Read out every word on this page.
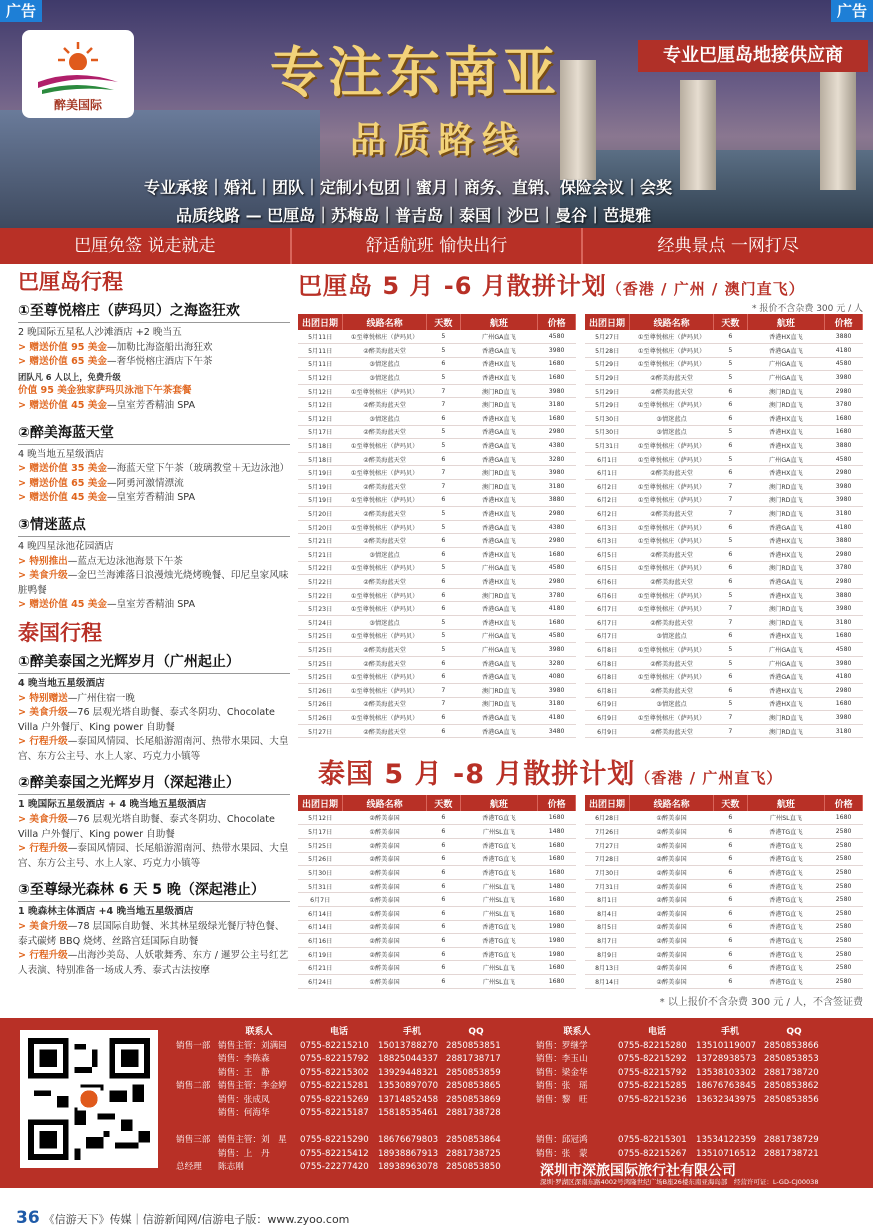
广告	广告
醉美国际
专注东南亚
品质路线
专业巴厘岛地接供应商
专业承接｜婚礼｜团队｜定制小包团｜蜜月｜商务、直销、保险会议｜会奖
品质线路 — 巴厘岛｜苏梅岛｜普吉岛｜泰国｜沙巴｜曼谷｜芭提雅
巴厘免签 说走就走	舒适航班 愉快出行	经典景点 一网打尽
巴厘岛行程
①至尊悦榕庄（萨玛贝）之海盗狂欢
2 晚国际五星私人沙滩酒店 +2 晚当五
> 赠送价值 95 美金—加勒比海盗船出海狂欢
> 赠送价值 65 美金—奢华悦榕庄酒店下午茶
团队凡 6 人以上，免费升级
价值 95 美金独家萨玛贝泳池下午茶套餐
> 赠送价值 45 美金—皇室芳香精油 SPA
②醉美海蓝天堂
4 晚当地五星级酒店
> 赠送价值 35 美金—海蓝天堂下午茶（玻璃教堂＋无边泳池）
> 赠送价值 65 美金—阿勇河激情漂流
> 赠送价值 45 美金—皇室芳香精油 SPA
③情迷蓝点
4 晚四星泳池花园酒店
> 特别推出—蓝点无边泳池海景下午茶
> 美食升级—金巴兰海滩落日浪漫烛光烧烤晚餐、印尼皇家风味脏鸭餐
> 赠送价值 45 美金—皇室芳香精油 SPA
泰国行程
①醉美泰国之光辉岁月（广州起止）
4 晚当地五星级酒店
> 特别赠送—广州住宿一晚
> 美食升级—76 层观光塔自助餐、泰式冬阴功、Chocolate Villa 户外餐厅、King power 自助餐
> 行程升级—泰国风情园、长尾船游湄南河、热带水果园、大皇宫、东方公主号、水上人家、巧克力小镇等
②醉美泰国之光辉岁月（深起港止）
1 晚国际五星级酒店 + 4 晚当地五星级酒店
> 美食升级—76 层观光塔自助餐、泰式冬阴功、Chocolate Villa 户外餐厅、King power 自助餐
> 行程升级—泰国风情园、长尾船游湄南河、热带水果园、大皇宫、东方公主号、水上人家、巧克力小镇等
③至尊绿光森林 6 天 5 晚（深起港止）
1 晚森林主体酒店 +4 晚当地五星级酒店
> 美食升级—78 层国际自助餐、米其林星级绿光餐厅特色餐、泰式碳烤 BBQ 烧烤、丝路宫廷国际自助餐
> 行程升级—出海沙美岛、人妖歌舞秀、东方 / 暹罗公主号红艺人表演、特别准备一场成人秀、泰式古法按摩
巴厘岛 5 月 -6 月散拼计划（香港 / 广州 / 澳门直飞）
* 报价不含杂费 300 元 / 人
出团日期	线路名称	天数	航班	价格
5月11日	①至尊悦榕庄（萨玛贝）	5	广州GA直飞	4580
5月11日	②醉美海蓝天堂	5	香港GA直飞	3980
5月11日	③情迷蓝点	6	香港HX直飞	1680
5月12日	③情迷蓝点	5	香港HX直飞	1680
5月12日	①至尊悦榕庄（萨玛贝）	7	澳门RD直飞	3980
5月12日	②醉美海蓝天堂	7	澳门RD直飞	3180
5月12日	③情迷蓝点	6	香港HX直飞	1680
5月17日	②醉美海蓝天堂	5	香港GA直飞	2980
5月18日	①至尊悦榕庄（萨玛贝）	5	香港GA直飞	4380
5月18日	②醉美海蓝天堂	6	香港GA直飞	3280
5月19日	①至尊悦榕庄（萨玛贝）	7	澳门RD直飞	3980
5月19日	②醉美海蓝天堂	7	澳门RD直飞	3180
5月19日	①至尊悦榕庄（萨玛贝）	6	香港HX直飞	3880
5月20日	②醉美海蓝天堂	5	香港HX直飞	2980
5月20日	①至尊悦榕庄（萨玛贝）	5	香港GA直飞	4380
5月21日	②醉美海蓝天堂	6	香港GA直飞	2980
5月21日	③情迷蓝点	6	香港HX直飞	1680
5月22日	①至尊悦榕庄（萨玛贝）	5	广州GA直飞	4580
5月22日	②醉美海蓝天堂	6	香港HX直飞	2980
5月22日	①至尊悦榕庄（萨玛贝）	6	澳门RD直飞	3780
5月23日	①至尊悦榕庄（萨玛贝）	6	香港GA直飞	4180
5月24日	③情迷蓝点	5	香港HX直飞	1680
5月25日	①至尊悦榕庄（萨玛贝）	5	广州GA直飞	4580
5月25日	②醉美海蓝天堂	5	广州GA直飞	3980
5月25日	②醉美海蓝天堂	6	香港GA直飞	3280
5月25日	①至尊悦榕庄（萨玛贝）	6	香港GA直飞	4080
5月26日	①至尊悦榕庄（萨玛贝）	7	澳门RD直飞	3980
5月26日	②醉美海蓝天堂	7	澳门RD直飞	3180
5月26日	①至尊悦榕庄（萨玛贝）	6	香港GA直飞	4180
5月27日	②醉美海蓝天堂	6	香港GA直飞	3480
出团日期	线路名称	天数	航班	价格
5月27日	①至尊悦榕庄（萨玛贝）	6	香港HX直飞	3880
5月28日	①至尊悦榕庄（萨玛贝）	5	香港GA直飞	4180
5月29日	①至尊悦榕庄（萨玛贝）	5	广州GA直飞	4580
5月29日	②醉美海蓝天堂	5	广州GA直飞	3980
5月29日	②醉美海蓝天堂	6	澳门RD直飞	2980
5月29日	①至尊悦榕庄（萨玛贝）	6	澳门RD直飞	3780
5月30日	③情迷蓝点	6	香港HX直飞	1680
5月30日	③情迷蓝点	5	香港HX直飞	1680
5月31日	①至尊悦榕庄（萨玛贝）	6	香港HX直飞	3880
6月1日	①至尊悦榕庄（萨玛贝）	5	广州GA直飞	4580
6月1日	②醉美海蓝天堂	6	香港HX直飞	2980
6月2日	①至尊悦榕庄（萨玛贝）	7	澳门RD直飞	3980
6月2日	①至尊悦榕庄（萨玛贝）	7	澳门RD直飞	3980
6月2日	②醉美海蓝天堂	7	澳门RD直飞	3180
6月3日	①至尊悦榕庄（萨玛贝）	6	香港GA直飞	4180
6月3日	①至尊悦榕庄（萨玛贝）	5	香港HX直飞	3880
6月5日	②醉美海蓝天堂	6	香港HX直飞	2980
6月5日	①至尊悦榕庄（萨玛贝）	6	澳门RD直飞	3780
6月6日	②醉美海蓝天堂	6	香港GA直飞	2980
6月6日	①至尊悦榕庄（萨玛贝）	5	香港HX直飞	3880
6月7日	①至尊悦榕庄（萨玛贝）	7	澳门RD直飞	3980
6月7日	②醉美海蓝天堂	7	澳门RD直飞	3180
6月7日	③情迷蓝点	6	香港HX直飞	1680
6月8日	①至尊悦榕庄（萨玛贝）	5	广州GA直飞	4580
6月8日	②醉美海蓝天堂	5	广州GA直飞	3980
6月8日	①至尊悦榕庄（萨玛贝）	6	香港GA直飞	4180
6月8日	②醉美海蓝天堂	6	香港HX直飞	2980
6月9日	③情迷蓝点	5	香港HX直飞	1680
6月9日	①至尊悦榕庄（萨玛贝）	7	澳门RD直飞	3980
6月9日	②醉美海蓝天堂	7	澳门RD直飞	3180
泰国 5 月 -8 月散拼计划（香港 / 广州直飞）
出团日期	线路名称	天数	航班	价格
5月12日	②醉美泰国	6	香港TG直飞	1680
5月17日	①醉美泰国	6	广州SL直飞	1480
5月25日	②醉美泰国	6	香港TG直飞	1680
5月26日	②醉美泰国	6	香港TG直飞	1680
5月30日	②醉美泰国	6	香港TG直飞	1680
5月31日	①醉美泰国	6	广州SL直飞	1480
6月7日	①醉美泰国	6	广州SL直飞	1680
6月14日	①醉美泰国	6	广州SL直飞	1680
6月14日	②醉美泰国	6	香港TG直飞	1980
6月16日	②醉美泰国	6	香港TG直飞	1980
6月19日	②醉美泰国	6	香港TG直飞	1980
6月21日	①醉美泰国	6	广州SL直飞	1680
6月24日	①醉美泰国	6	广州SL直飞	1680
出团日期	线路名称	天数	航班	价格
6月28日	①醉美泰国	6	广州SL直飞	1680
7月26日	②醉美泰国	6	香港TG直飞	2580
7月27日	②醉美泰国	6	香港TG直飞	2580
7月28日	②醉美泰国	6	香港TG直飞	2580
7月30日	②醉美泰国	6	香港TG直飞	2580
7月31日	②醉美泰国	6	香港TG直飞	2580
8月1日	②醉美泰国	6	香港TG直飞	2580
8月4日	②醉美泰国	6	香港TG直飞	2580
8月5日	②醉美泰国	6	香港TG直飞	2580
8月7日	②醉美泰国	6	香港TG直飞	2580
8月9日	②醉美泰国	6	香港TG直飞	2580
8月13日	②醉美泰国	6	香港TG直飞	2580
8月14日	②醉美泰国	6	香港TG直飞	2580
* 以上报价不含杂费 300 元 / 人，不含签证费
联系人	电话	手机	QQ
销售一部 销售主管：刘满园	0755-82215210	15013788270 2850853851
销售：李陈森	0755-82215792	18825044337 2881738717
销售：王　静	0755-82215302	13929448321 2850853859
销售二部 销售主管：李金婷	0755-82215281	13530897070 2850853865
销售：张成凤	0755-82215269	13714852458 2850853869
销售：何海华	0755-82215187	15818535461 2881738728
销售三部 销售主管：刘　星	0755-82215290	18676679803 2850853864
销售：上　丹	0755-82215412	18938867913 2881738725
总经理	陈志刚	0755-22277420	18938963078 2850853850
联系人	电话	手机	QQ
销售：罗继学	0755-82215280	13510119007 2850853866
销售：李玉山	0755-82215292	13728938573 2850853853
销售：梁金华	0755-82215792	13538103302 2881738720
销售：张　瑶	0755-82215285	18676763845 2850853862
销售：黎　旺	0755-82215236	13632343975 2850853856
销售：邱冠鸿	0755-82215301	13534122359 2881738729
销售：张　蒙	0755-82215267	13510716512 2881738721
深圳市深旅国际旅行社有限公司
深圳·罗湖区深南东路4002号鸿隆世纪广场B座26楼东南亚海岛部　经营许可证：L-GD-CJ00038
36 《信游天下》传媒｜信游新闻网/信游电子版：www.zyoo.com
